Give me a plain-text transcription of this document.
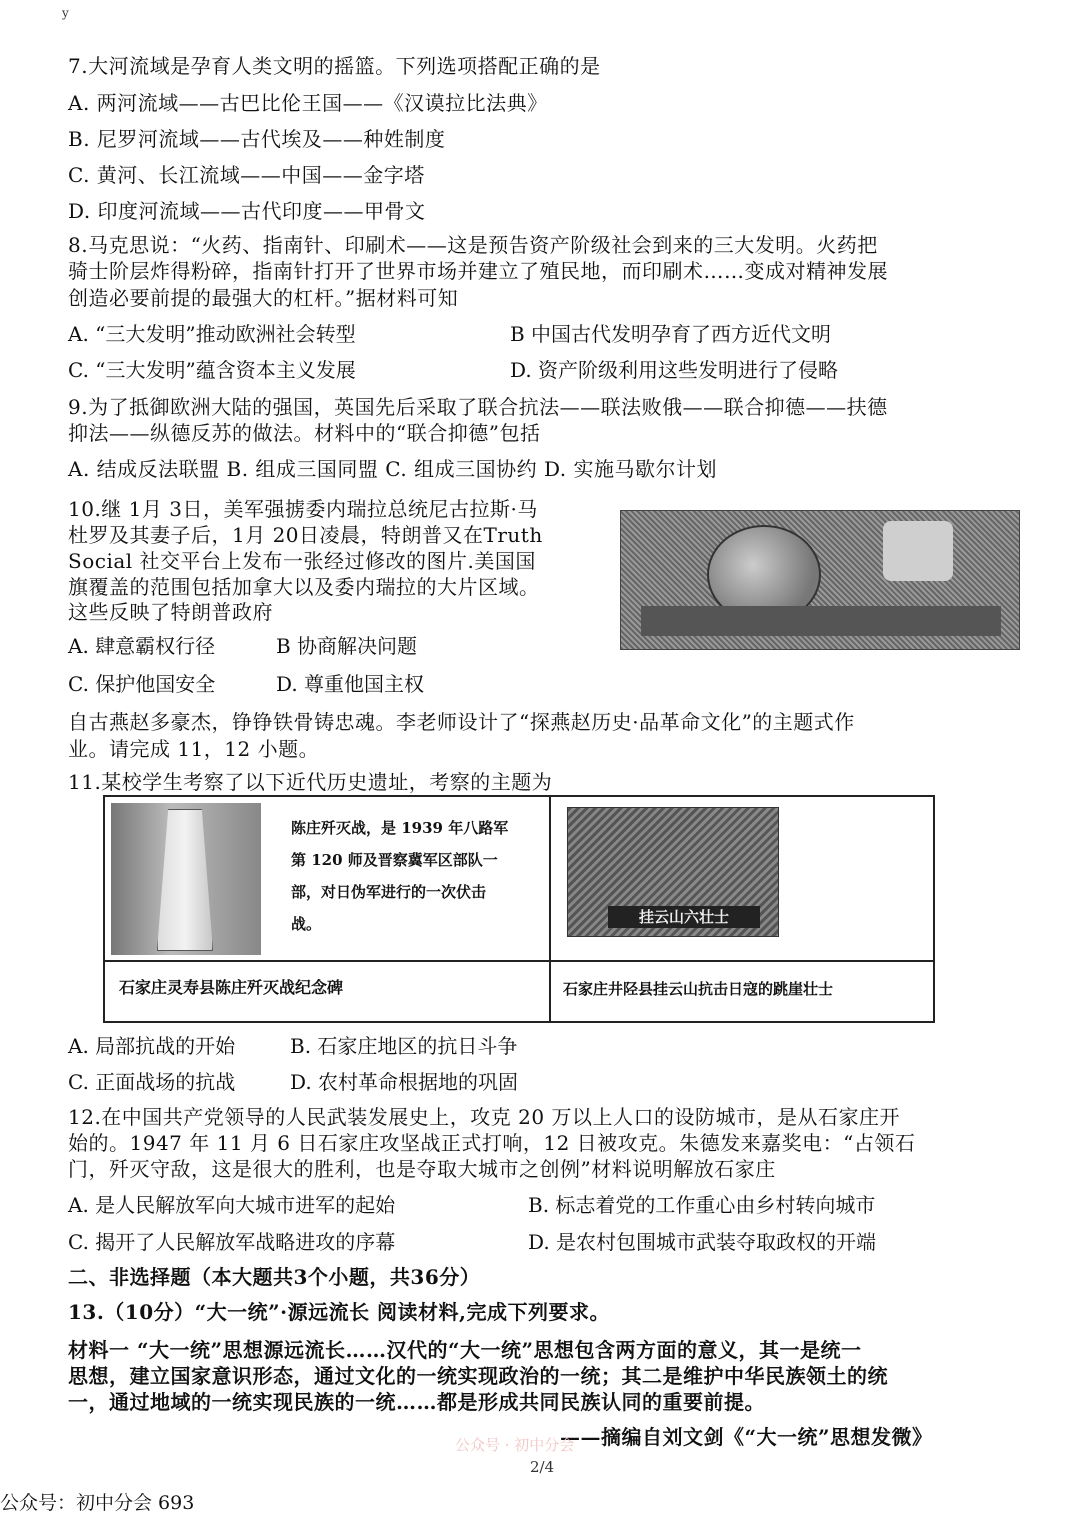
y
7.大河流域是孕育人类文明的摇篮。下列选项搭配正确的是
A. 两河流域——古巴比伦王国——《汉谟拉比法典》
B. 尼罗河流域——古代埃及——种姓制度
C. 黄河、长江流域——中国——金字塔
D. 印度河流域——古代印度——甲骨文
8.马克思说：“火药、指南针、印刷术——这是预告资产阶级社会到来的三大发明。火药把
骑士阶层炸得粉碎，指南针打开了世界市场并建立了殖民地，而印刷术……变成对精神发展
创造必要前提的最强大的杠杆。”据材料可知
A. “三大发明”推动欧洲社会转型	B 中国古代发明孕育了西方近代文明
C. “三大发明”蕴含资本主义发展	D. 资产阶级利用这些发明进行了侵略
9.为了抵御欧洲大陆的强国，英国先后采取了联合抗法——联法败俄——联合抑德——扶德
抑法——纵德反苏的做法。材料中的“联合抑德”包括
A. 结成反法联盟 B. 组成三国同盟 C. 组成三国协约 D. 实施马歇尔计划
10.继 1月 3日，美军强掳委内瑞拉总统尼古拉斯·马
杜罗及其妻子后，1月 20日凌晨，特朗普又在Truth
Social 社交平台上发布一张经过修改的图片.美国国
旗覆盖的范围包括加拿大以及委内瑞拉的大片区域。
这些反映了特朗普政府
A. 肆意霸权行径	B 协商解决问题
C. 保护他国安全	D. 尊重他国主权
自古燕赵多豪杰，铮铮铁骨铸忠魂。李老师设计了“探燕赵历史·品革命文化”的主题式作
业。请完成 11，12 小题。
11.某校学生考察了以下近代历史遗址，考察的主题为
陈庄歼灭战，是 1939 年八路军
第 120 师及晋察冀军区部队一
部，对日伪军进行的一次伏击
战。	挂云山六壮士
石家庄灵寿县陈庄歼灭战纪念碑	石家庄井陉县挂云山抗击日寇的跳崖壮士
A. 局部抗战的开始	B. 石家庄地区的抗日斗争
C. 正面战场的抗战	D. 农村革命根据地的巩固
12.在中国共产党领导的人民武装发展史上，攻克 20 万以上人口的设防城市，是从石家庄开
始的。1947 年 11 月 6 日石家庄攻坚战正式打响，12 日被攻克。朱德发来嘉奖电：“占领石
门，歼灭守敌，这是很大的胜利，也是夺取大城市之创例”材料说明解放石家庄
A. 是人民解放军向大城市进军的起始	B. 标志着党的工作重心由乡村转向城市
C. 揭开了人民解放军战略进攻的序幕	D. 是农村包围城市武装夺取政权的开端
二、非选择题（本大题共3个小题，共36分）
13.（10分）“大一统”·源远流长 阅读材料,完成下列要求。
材料一 “大一统”思想源远流长……汉代的“大一统”思想包含两方面的意义，其一是统一
思想，建立国家意识形态，通过文化的一统实现政治的一统；其二是维护中华民族领土的统
一，通过地域的一统实现民族的一统……都是形成共同民族认同的重要前提。
——摘编自刘文剑《“大一统”思想发微》
公众号 · 初中分会
2/4
公众号：初中分会 693
